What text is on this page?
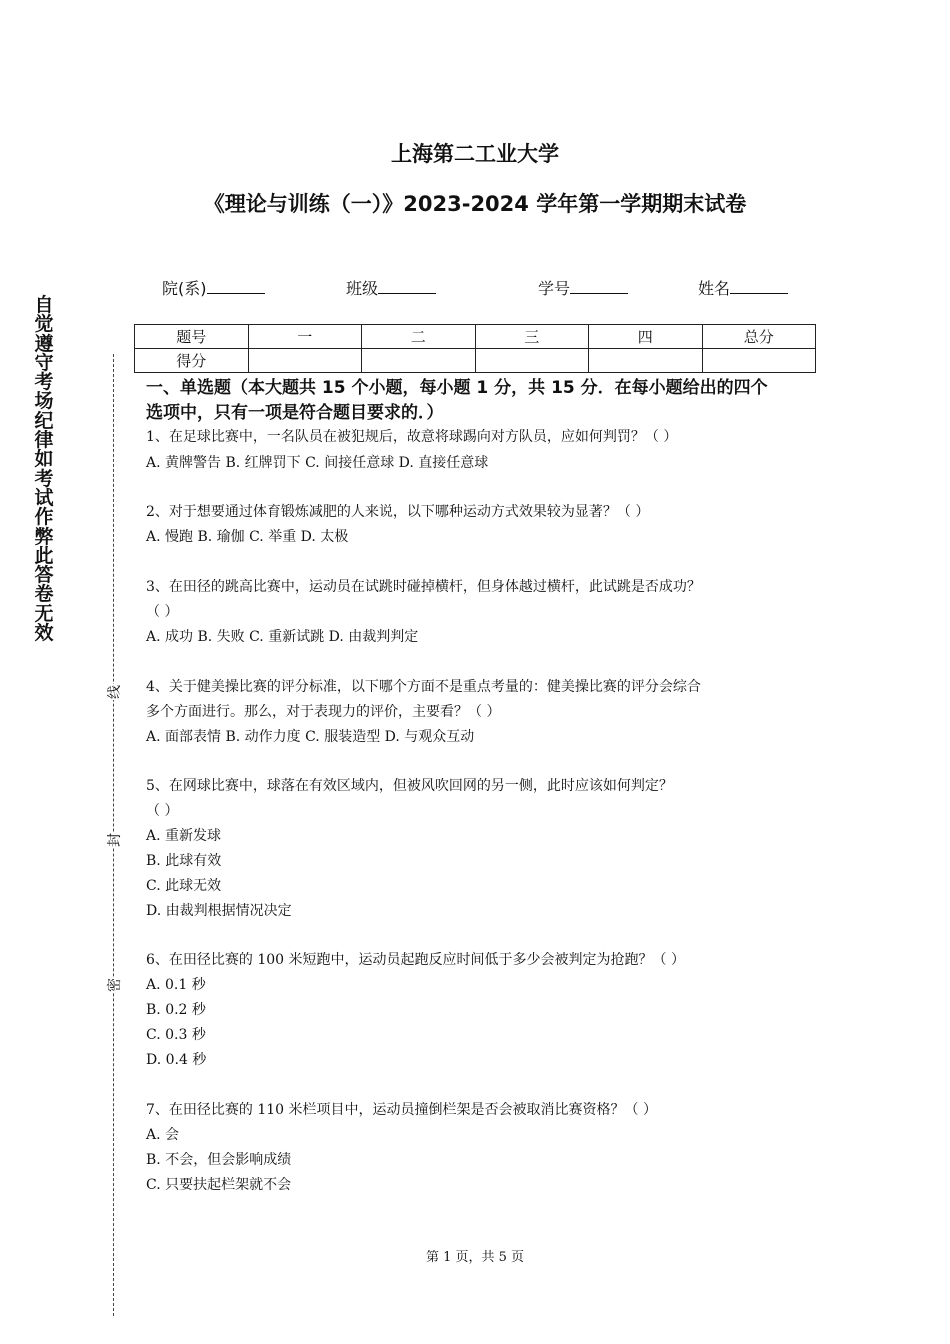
上海第二工业大学
《理论与训练（一）》2023-2024 学年第一学期期末试卷
院(系)	班级	学号	姓名
题号	一	二	三	四	总分
得分					
自
觉
遵
守
考
场
纪
律
如
考
试
作
弊
此
答
卷
无
效
线
封
密
一、单选题（本大题共 15 个小题，每小题 1 分，共 15 分．在每小题给出的四个
选项中，只有一项是符合题目要求的．）
1、在足球比赛中，一名队员在被犯规后，故意将球踢向对方队员，应如何判罚？（ ）
A. 黄牌警告 B. 红牌罚下 C. 间接任意球 D. 直接任意球
2、对于想要通过体育锻炼减肥的人来说，以下哪种运动方式效果较为显著？（ ）
A. 慢跑 B. 瑜伽 C. 举重 D. 太极
3、在田径的跳高比赛中，运动员在试跳时碰掉横杆，但身体越过横杆，此试跳是否成功？
（ ）
A. 成功 B. 失败 C. 重新试跳 D. 由裁判判定
4、关于健美操比赛的评分标准，以下哪个方面不是重点考量的：健美操比赛的评分会综合
多个方面进行。那么，对于表现力的评价，主要看？（ ）
A. 面部表情 B. 动作力度 C. 服装造型 D. 与观众互动
5、在网球比赛中，球落在有效区域内，但被风吹回网的另一侧，此时应该如何判定？
（ ）
A. 重新发球
B. 此球有效
C. 此球无效
D. 由裁判根据情况决定
6、在田径比赛的 100 米短跑中，运动员起跑反应时间低于多少会被判定为抢跑？（ ）
A. 0.1 秒
B. 0.2 秒
C. 0.3 秒
D. 0.4 秒
7、在田径比赛的 110 米栏项目中，运动员撞倒栏架是否会被取消比赛资格？（ ）
A. 会
B. 不会，但会影响成绩
C. 只要扶起栏架就不会
第 1 页，共 5 页
